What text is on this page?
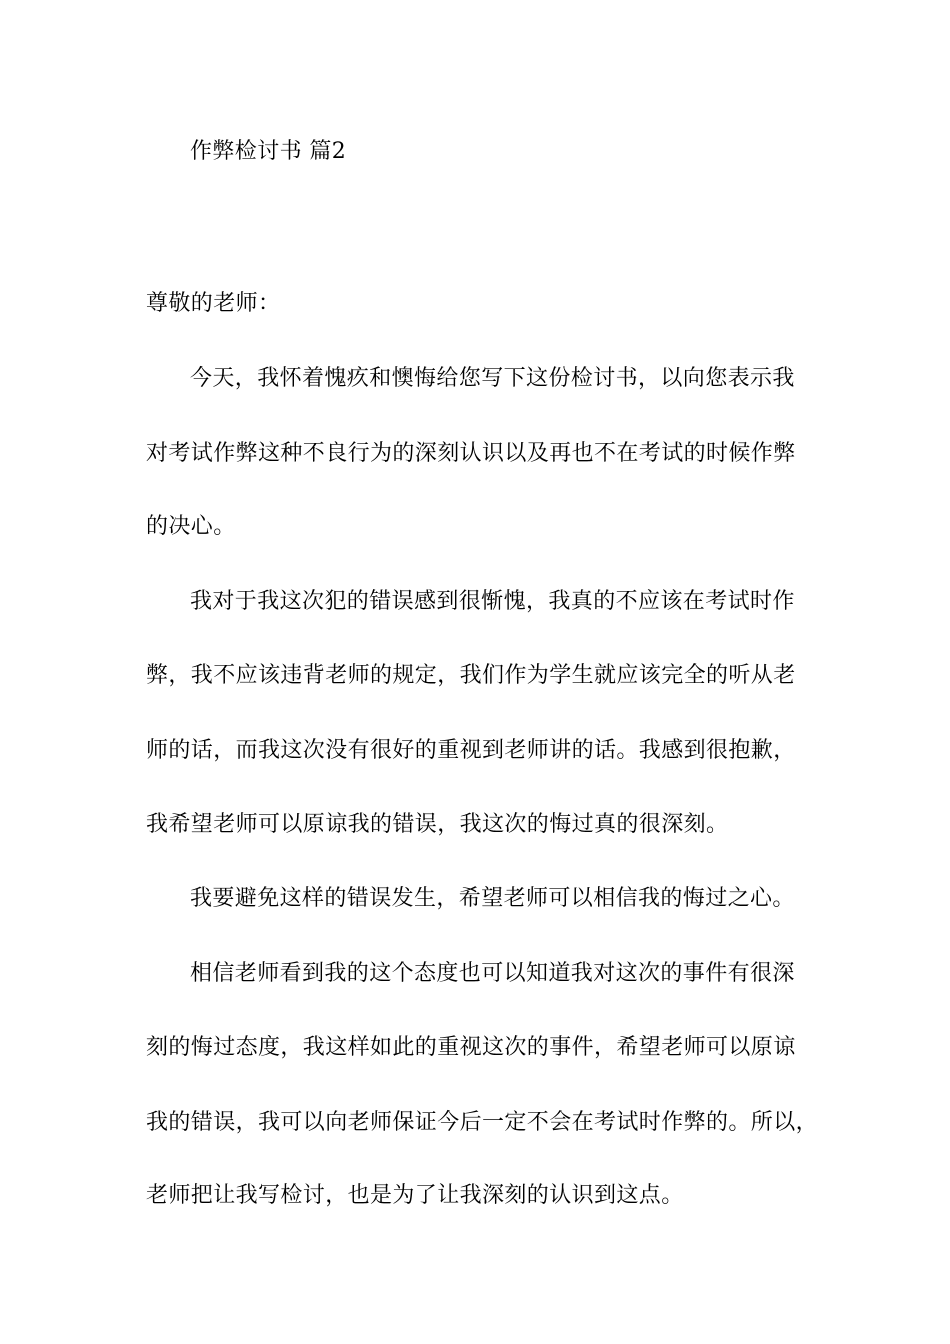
作弊检讨书 篇2
尊敬的老师：
今天，我怀着愧疚和懊悔给您写下这份检讨书，以向您表示我
对考试作弊这种不良行为的深刻认识以及再也不在考试的时候作弊
的决心。
我对于我这次犯的错误感到很惭愧，我真的不应该在考试时作
弊，我不应该违背老师的规定，我们作为学生就应该完全的听从老
师的话，而我这次没有很好的重视到老师讲的话。我感到很抱歉，
我希望老师可以原谅我的错误，我这次的悔过真的很深刻。
我要避免这样的错误发生，希望老师可以相信我的悔过之心。
相信老师看到我的这个态度也可以知道我对这次的事件有很深
刻的悔过态度，我这样如此的重视这次的事件，希望老师可以原谅
我的错误，我可以向老师保证今后一定不会在考试时作弊的。所以，
老师把让我写检讨，也是为了让我深刻的认识到这点。
